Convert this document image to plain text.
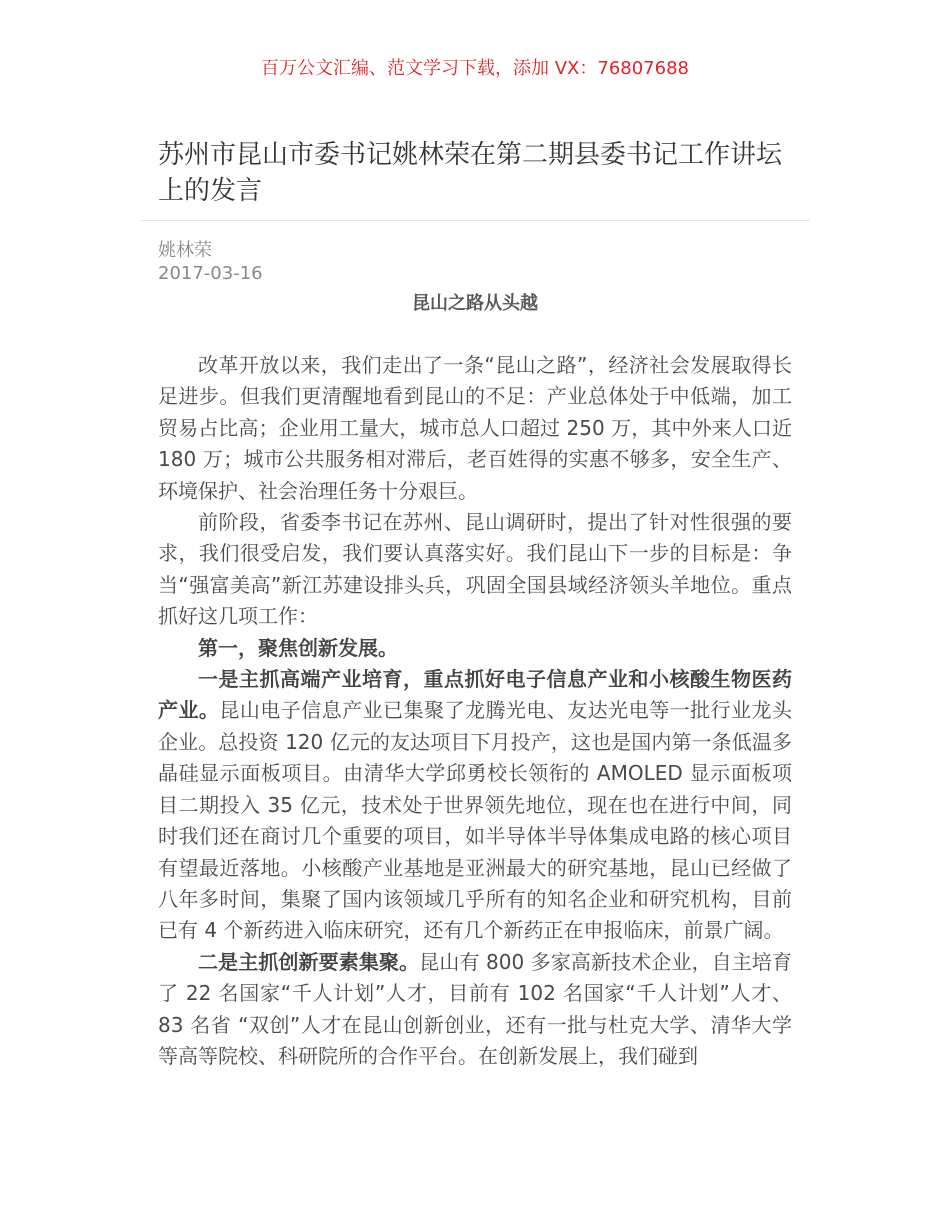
百万公文汇编、范文学习下载，添加 VX：76807688
苏州市昆山市委书记姚林荣在第二期县委书记工作讲坛上的发言
姚林荣
2017-03-16
昆山之路从头越

改革开放以来，我们走出了一条“昆山之路”，经济社会发展取得长足进步。但我们更清醒地看到昆山的不足：产业总体处于中低端，加工贸易占比高；企业用工量大，城市总人口超过 250 万，其中外来人口近 180 万；城市公共服务相对滞后，老百姓得的实惠不够多，安全生产、环境保护、社会治理任务十分艰巨。

前阶段，省委李书记在苏州、昆山调研时，提出了针对性很强的要求，我们很受启发，我们要认真落实好。我们昆山下一步的目标是：争当“强富美高”新江苏建设排头兵，巩固全国县域经济领头羊地位。重点抓好这几项工作：

第一，聚焦创新发展。

一是主抓高端产业培育，重点抓好电子信息产业和小核酸生物医药产业。昆山电子信息产业已集聚了龙腾光电、友达光电等一批行业龙头企业。总投资 120 亿元的友达项目下月投产，这也是国内第一条低温多晶硅显示面板项目。由清华大学邱勇校长领衔的 AMOLED 显示面板项目二期投入 35 亿元，技术处于世界领先地位，现在也在进行中间，同时我们还在商讨几个重要的项目，如半导体半导体集成电路的核心项目有望最近落地。小核酸产业基地是亚洲最大的研究基地，昆山已经做了八年多时间，集聚了国内该领域几乎所有的知名企业和研究机构，目前已有 4 个新药进入临床研究，还有几个新药正在申报临床，前景广阔。

二是主抓创新要素集聚。昆山有 800 多家高新技术企业，自主培育了 22 名国家“千人计划”人才，目前有 102 名国家“千人计划”人才、83 名省 “双创”人才在昆山创新创业，还有一批与杜克大学、清华大学等高等院校、科研院所的合作平台。在创新发展上，我们碰到
